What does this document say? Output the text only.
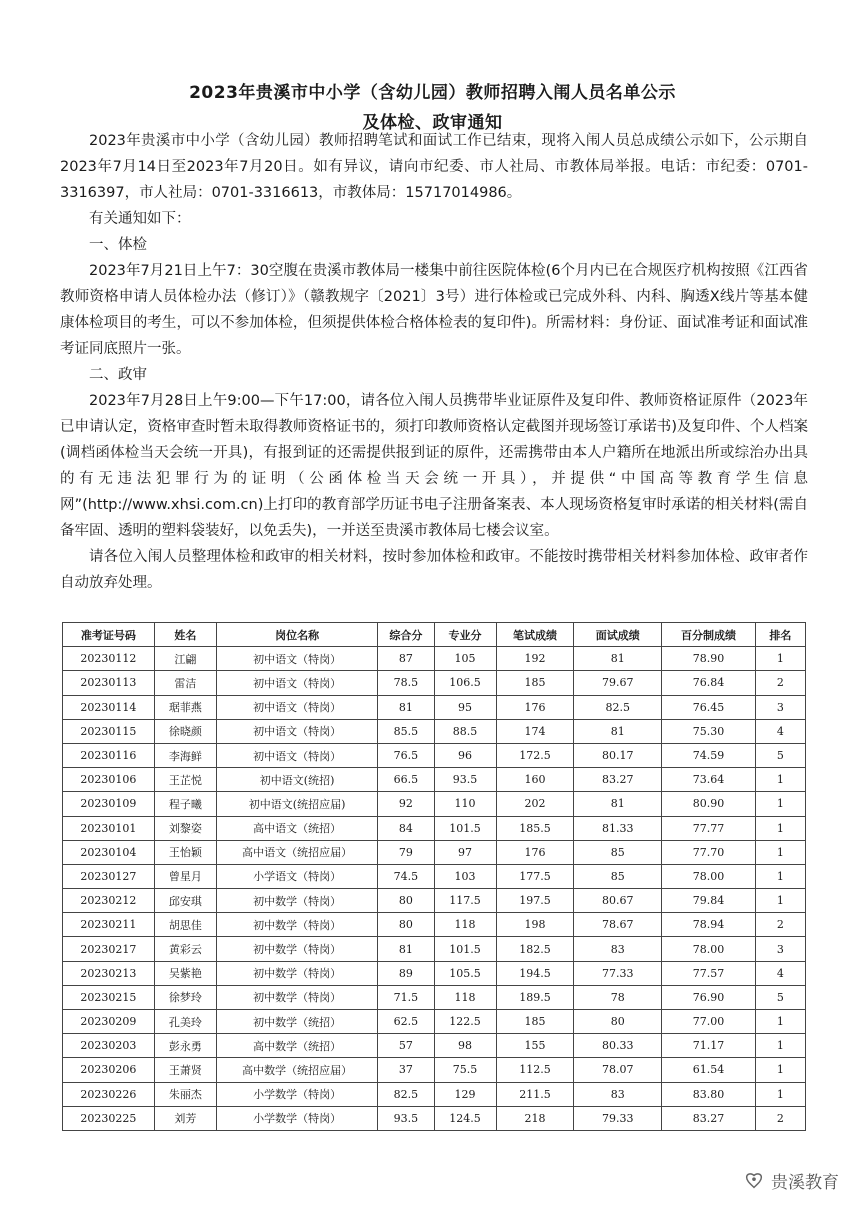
2023年贵溪市中小学（含幼儿园）教师招聘入闱人员名单公示
及体检、政审通知

2023年贵溪市中小学（含幼儿园）教师招聘笔试和面试工作已结束，现将入闱人员总成绩公示如下，公示期自2023年7月14日至2023年7月20日。如有异议，请向市纪委、市人社局、市教体局举报。电话：市纪委：0701-3316397，市人社局：0701-3316613，市教体局：15717014986。

有关通知如下：

一、体检

2023年7月21日上午7：30空腹在贵溪市教体局一楼集中前往医院体检(6个月内已在合规医疗机构按照《江西省教师资格申请人员体检办法（修订）》（赣教规字〔2021〕3号）进行体检或已完成外科、内科、胸透X线片等基本健康体检项目的考生，可以不参加体检，但须提供体检合格体检表的复印件)。所需材料：身份证、面试准考证和面试准考证同底照片一张。

二、政审

2023年7月28日上午9:00—下午17:00，请各位入闱人员携带毕业证原件及复印件、教师资格证原件（2023年已申请认定，资格审查时暂未取得教师资格证书的，须打印教师资格认定截图并现场签订承诺书)及复印件、个人档案(调档函体检当天会统一开具)，有报到证的还需提供报到证的原件，还需携带由本人户籍所在地派出所或综治办出具的有无违法犯罪行为的证明（公函体检当天会统一开具），并提供“中国高等教育学生信息网”(http://www.xhsi.com.cn)上打印的教育部学历证书电子注册备案表、本人现场资格复审时承诺的相关材料(需自备牢固、透明的塑料袋装好，以免丢失)，一并送至贵溪市教体局七楼会议室。

请各位入闱人员整理体检和政审的相关材料，按时参加体检和政审。不能按时携带相关材料参加体检、政审者作自动放弃处理。

准考证号码	姓名	岗位名称	综合分	专业分	笔试成绩	面试成绩	百分制成绩	排名
20230112	江翩	初中语文（特岗）	87	105	192	81	78.90	1
20230113	雷洁	初中语文（特岗）	78.5	106.5	185	79.67	76.84	2
20230114	琚菲燕	初中语文（特岗）	81	95	176	82.5	76.45	3
20230115	徐晓颜	初中语文（特岗）	85.5	88.5	174	81	75.30	4
20230116	李海鲜	初中语文（特岗）	76.5	96	172.5	80.17	74.59	5
20230106	王芷悦	初中语文(统招)	66.5	93.5	160	83.27	73.64	1
20230109	程子曦	初中语文(统招应届)	92	110	202	81	80.90	1
20230101	刘黎姿	高中语文（统招）	84	101.5	185.5	81.33	77.77	1
20230104	王怡颖	高中语文（统招应届）	79	97	176	85	77.70	1
20230127	曾星月	小学语文（特岗）	74.5	103	177.5	85	78.00	1
20230212	邱安琪	初中数学（特岗）	80	117.5	197.5	80.67	79.84	1
20230211	胡思佳	初中数学（特岗）	80	118	198	78.67	78.94	2
20230217	黄彩云	初中数学（特岗）	81	101.5	182.5	83	78.00	3
20230213	吴紫艳	初中数学（特岗）	89	105.5	194.5	77.33	77.57	4
20230215	徐梦玲	初中数学（特岗）	71.5	118	189.5	78	76.90	5
20230209	孔美玲	初中数学（统招）	62.5	122.5	185	80	77.00	1
20230203	彭永勇	高中数学（统招）	57	98	155	80.33	71.17	1
20230206	王萧贤	高中数学（统招应届）	37	75.5	112.5	78.07	61.54	1
20230226	朱丽杰	小学数学（特岗）	82.5	129	211.5	83	83.80	1
20230225	刘芳	小学数学（特岗）	93.5	124.5	218	79.33	83.27	2
贵溪教育
